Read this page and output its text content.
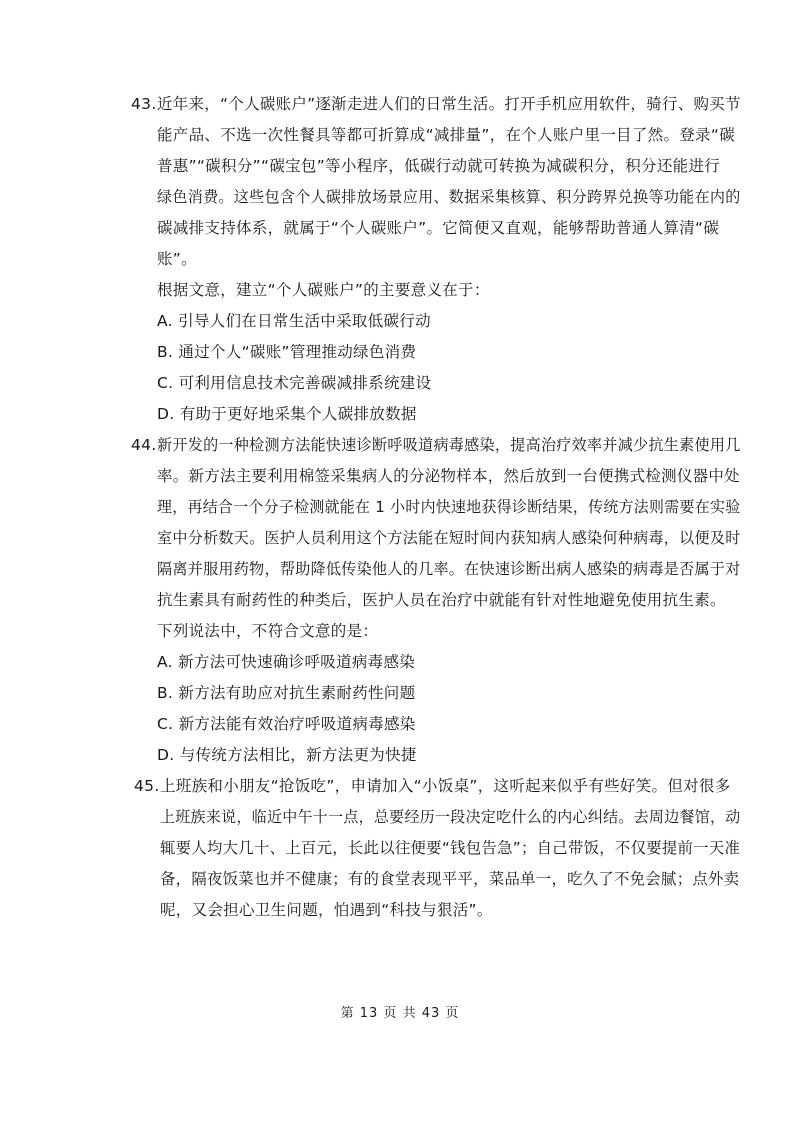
43. 近年来，“个人碳账户”逐渐走进人们的日常生活。打开手机应用软件，骑行、购买节
能产品、不选一次性餐具等都可折算成“减排量”，在个人账户里一目了然。登录“碳
普惠”“碳积分”“碳宝包”等小程序，低碳行动就可转换为减碳积分，积分还能进行
绿色消费。这些包含个人碳排放场景应用、数据采集核算、积分跨界兑换等功能在内的
碳减排支持体系，就属于“个人碳账户”。它简便又直观，能够帮助普通人算清“碳
账”。
根据文意，建立“个人碳账户”的主要意义在于：
A. 引导人们在日常生活中采取低碳行动
B. 通过个人“碳账”管理推动绿色消费
C. 可利用信息技术完善碳减排系统建设
D. 有助于更好地采集个人碳排放数据
44. 新开发的一种检测方法能快速诊断呼吸道病毒感染，提高治疗效率并减少抗生素使用几
率。新方法主要利用棉签采集病人的分泌物样本，然后放到一台便携式检测仪器中处
理，再结合一个分子检测就能在 1 小时内快速地获得诊断结果，传统方法则需要在实验
室中分析数天。医护人员利用这个方法能在短时间内获知病人感染何种病毒，以便及时
隔离并服用药物，帮助降低传染他人的几率。在快速诊断出病人感染的病毒是否属于对
抗生素具有耐药性的种类后，医护人员在治疗中就能有针对性地避免使用抗生素。
下列说法中，不符合文意的是：
A. 新方法可快速确诊呼吸道病毒感染
B. 新方法有助应对抗生素耐药性问题
C. 新方法能有效治疗呼吸道病毒感染
D. 与传统方法相比，新方法更为快捷
45. 上班族和小朋友“抢饭吃”，申请加入“小饭桌”，这听起来似乎有些好笑。但对很多
上班族来说，临近中午十一点，总要经历一段决定吃什么的内心纠结。去周边餐馆，动
辄要人均大几十、上百元，长此以往便要“钱包告急”；自己带饭，不仅要提前一天准
备，隔夜饭菜也并不健康；有的食堂表现平平，菜品单一，吃久了不免会腻；点外卖
呢，又会担心卫生问题，怕遇到“科技与狠活”。
第 13 页 共 43 页
